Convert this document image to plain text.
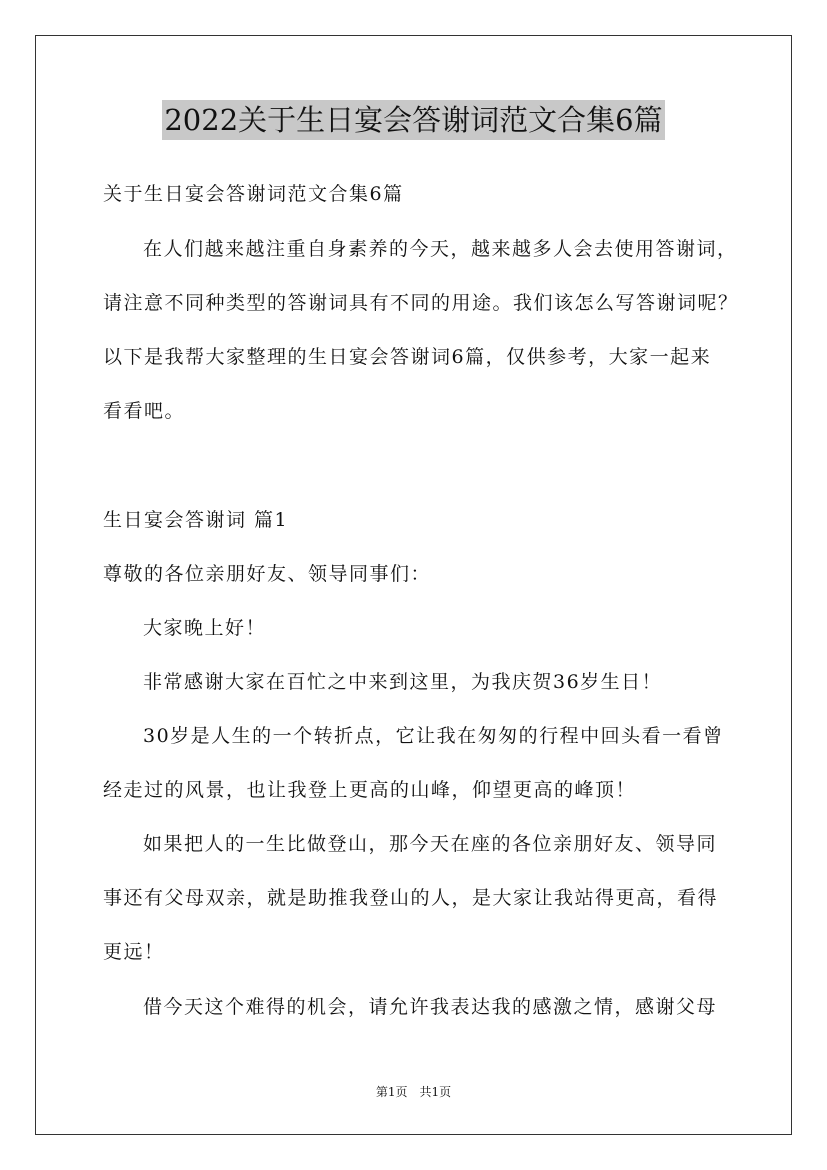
2022关于生日宴会答谢词范文合集6篇
关于生日宴会答谢词范文合集6篇
在人们越来越注重自身素养的今天，越来越多人会去使用答谢词，
请注意不同种类型的答谢词具有不同的用途。我们该怎么写答谢词呢？
以下是我帮大家整理的生日宴会答谢词6篇，仅供参考，大家一起来
看看吧。
生日宴会答谢词 篇1
尊敬的各位亲朋好友、领导同事们：
大家晚上好！
非常感谢大家在百忙之中来到这里，为我庆贺36岁生日！
30岁是人生的一个转折点，它让我在匆匆的行程中回头看一看曾
经走过的风景，也让我登上更高的山峰，仰望更高的峰顶！
如果把人的一生比做登山，那今天在座的各位亲朋好友、领导同
事还有父母双亲，就是助推我登山的人，是大家让我站得更高，看得
更远！
借今天这个难得的机会，请允许我表达我的感激之情，感谢父母
第1页　共1页
